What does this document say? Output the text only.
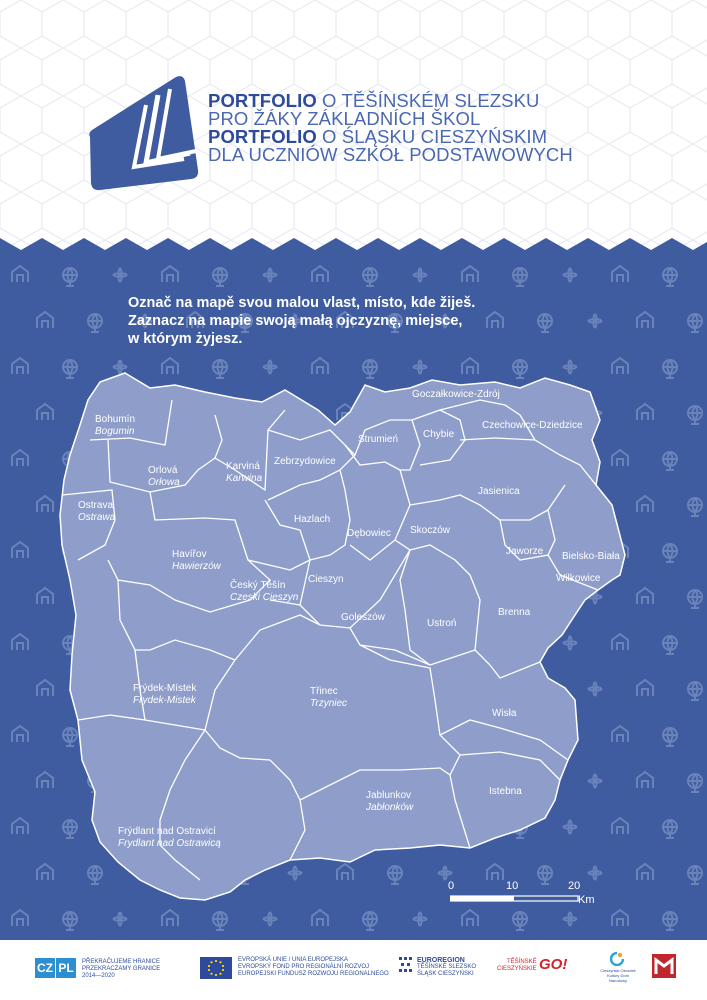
PORTFOLIO O TĚŠÍNSKÉM SLEZSKU
PRO ŽÁKY ZÁKLADNÍCH ŠKOL
PORTFOLIO O ŚLĄSKU CIESZYŃSKIM
DLA UCZNIÓW SZKÓŁ PODSTAWOWYCH
Označ na mapě svou malou vlast, místo, kde žiješ.
Zaznacz na mapie swoją małą ojczyznę, miejsce,
w którym żyjesz.
Bohumín
Bogumin
Orlová
Orłowa
Ostrava
Ostrawa
Karviná
Karwina
Havířov
Hawierzów
Český Těšín
Czeski Cieszyn
Frýdek-Místek
Frydek-Mistek
Třinec
Trzyniec
Jablunkov
Jabłonków
Frýdlant nad Ostravicí
Frydlant nad Ostrawicą
Zebrzydowice
Hazlach
Dębowiec
Cieszyn
Goleszów
Strumień
Goczałkowice-Zdrój
Chybie
Czechowice-Dziedzice
Jasienica
Skoczów
Jaworze Bielsko-Biała
Wilkowice
Brenna
Ustroń
Wisła
Istebna
0	10	20
Km
CZ PL	PŘEKRAČUJEME HRANICE
PRZEKRACZAMY GRANICE
2014—2020
EVROPSKÁ UNIE / UNIA EUROPEJSKA
EVROPSKÝ FOND PRO REGIONÁLNÍ ROZVOJ
EUROPEJSKI FUNDUSZ ROZWOJU REGIONALNEGO
EUROREGION
TĚŠÍNSKÉ SLEZSKO
ŚLĄSK CIESZYŃSKI
TĚŠÍNSKÉ
CIESZYŃSKIE GO!	Cieszyński Ośrodek Kultury Dom Narodowy
